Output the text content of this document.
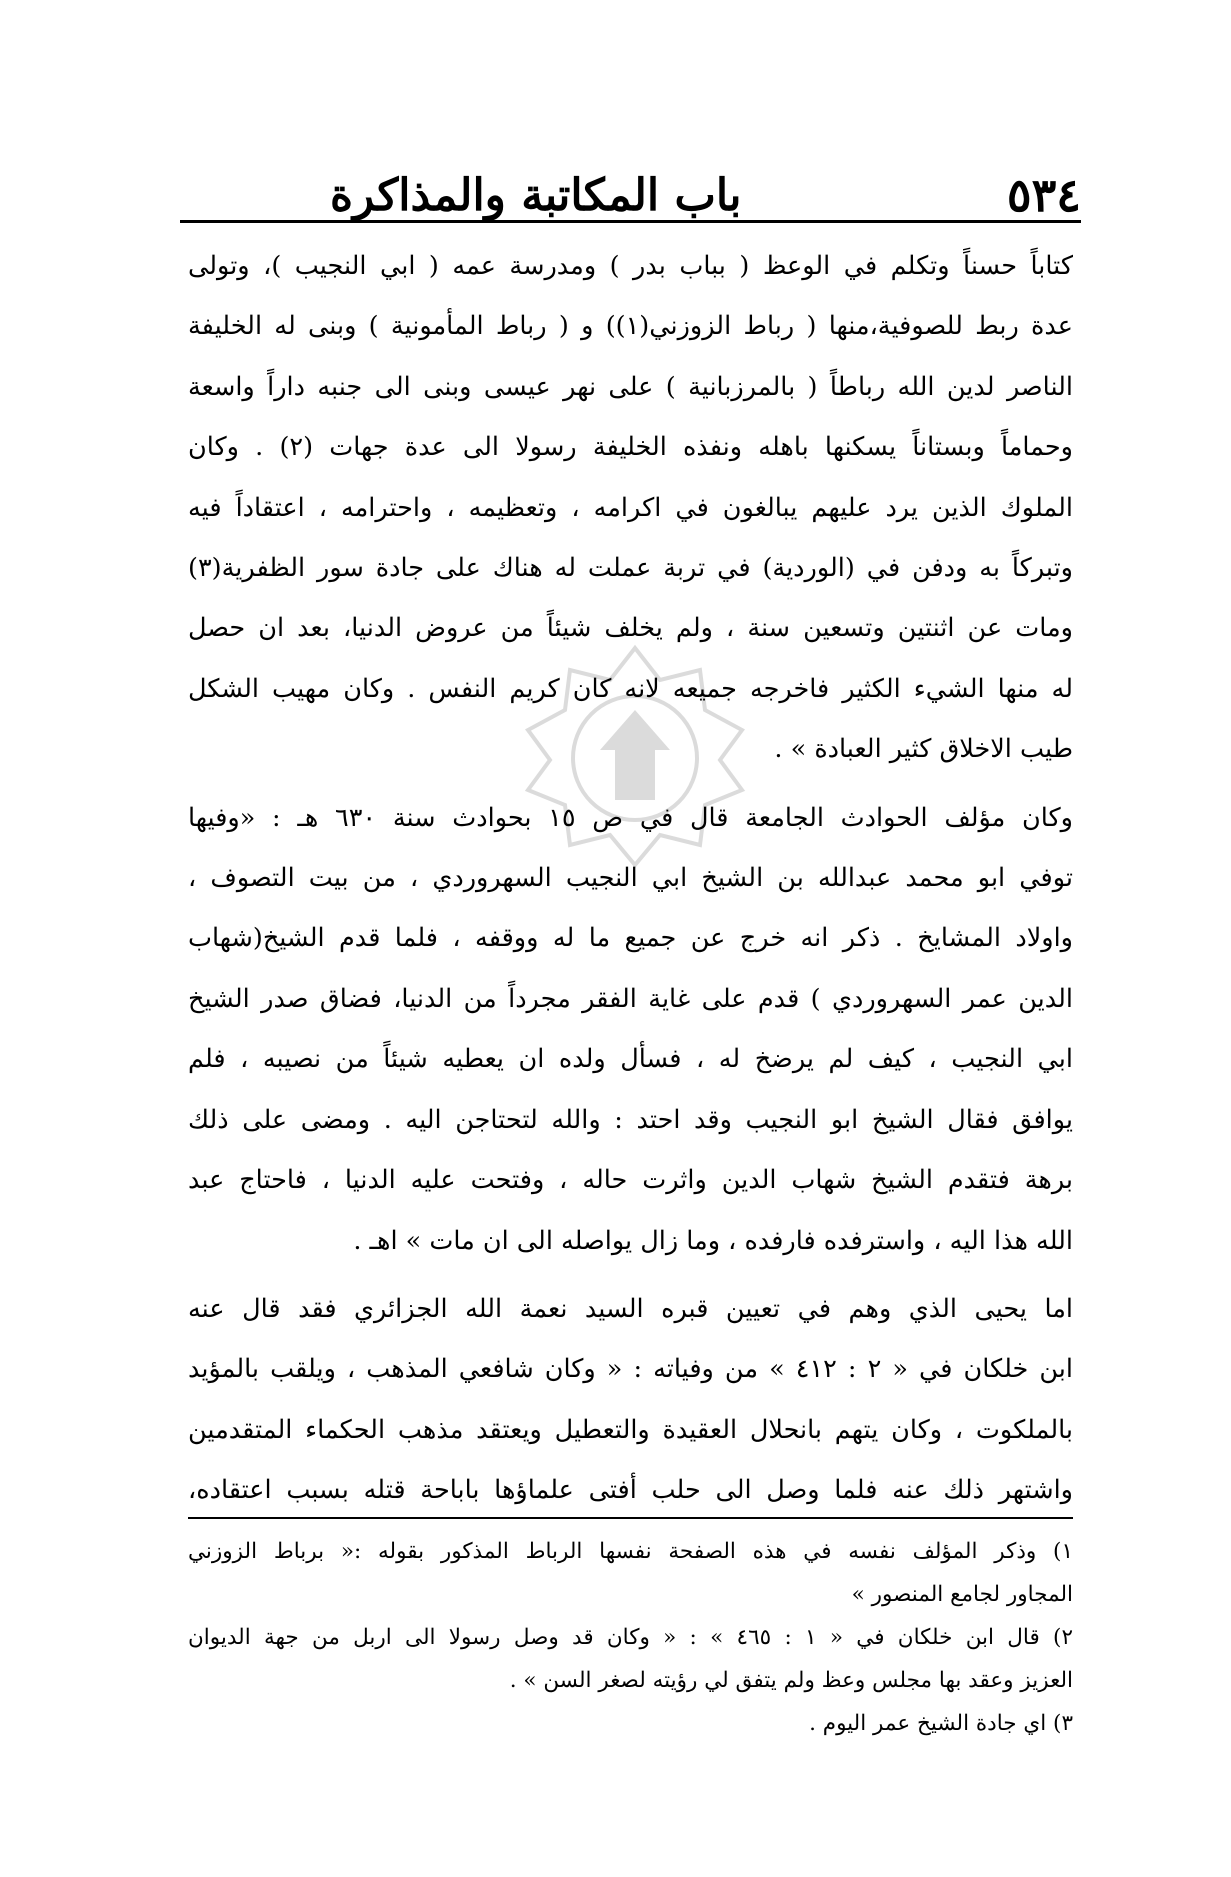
٥٣٤
باب المكاتبة والمذاكرة

كتاباً حسناً وتكلم في الوعظ ( بباب بدر ) ومدرسة عمه ( ابي النجيب )، وتولى
عدة ربط للصوفية،منها ( رباط الزوزني(١)) و ( رباط المأمونية ) وبنى له الخليفة
الناصر لدين الله رباطاً ( بالمرزبانية ) على نهر عيسى وبنى الى جنبه داراً واسعة
وحماماً وبستاناً يسكنها باهله ونفذه الخليفة رسولا الى عدة جهات (٢) . وكان
الملوك الذين يرد عليهم يبالغون في اكرامه ، وتعظيمه ، واحترامه ، اعتقاداً فيه
وتبركاً به ودفن في (الوردية) في تربة عملت له هناك على جادة سور الظفرية(٣)
ومات عن اثنتين وتسعين سنة ، ولم يخلف شيئاً من عروض الدنيا، بعد ان حصل
له منها الشيء الكثير فاخرجه جميعه لانه كان كريم النفس . وكان مهيب الشكل
طيب الاخلاق كثير العبادة » .

وكان مؤلف الحوادث الجامعة قال في ص ١٥ بحوادث سنة ٦٣٠ هـ : «وفيها
توفي ابو محمد عبدالله بن الشيخ ابي النجيب السهروردي ، من بيت التصوف ،
واولاد المشايخ . ذكر انه خرج عن جميع ما له ووقفه ، فلما قدم الشيخ(شهاب
الدين عمر السهروردي ) قدم على غاية الفقر مجرداً من الدنيا، فضاق صدر الشيخ
ابي النجيب ، كيف لم يرضخ له ، فسأل ولده ان يعطيه شيئاً من نصيبه ، فلم
يوافق فقال الشيخ ابو النجيب وقد احتد : والله لتحتاجن اليه . ومضى على ذلك
برهة فتقدم الشيخ شهاب الدين واثرت حاله ، وفتحت عليه الدنيا ، فاحتاج عبد
الله هذا اليه ، واسترفده فارفده ، وما زال يواصله الى ان مات » اهـ .

اما يحيى الذي وهم في تعيين قبره السيد نعمة الله الجزائري فقد قال عنه
ابن خلكان في « ٢ : ٤١٢ » من وفياته : « وكان شافعي المذهب ، ويلقب بالمؤيد
بالملكوت ، وكان يتهم بانحلال العقيدة والتعطيل ويعتقد مذهب الحكماء المتقدمين
واشتهر ذلك عنه فلما وصل الى حلب أفتى علماؤها باباحة قتله بسبب اعتقاده،

١) وذكر المؤلف نفسه في هذه الصفحة نفسها الرباط المذكور بقوله :« برباط الزوزني
المجاور لجامع المنصور »
٢) قال ابن خلكان في « ١ : ٤٦٥ » : « وكان قد وصل رسولا الى اربل من جهة الديوان
العزيز وعقد بها مجلس وعظ ولم يتفق لي رؤيته لصغر السن » .
٣) اي جادة الشيخ عمر اليوم .
